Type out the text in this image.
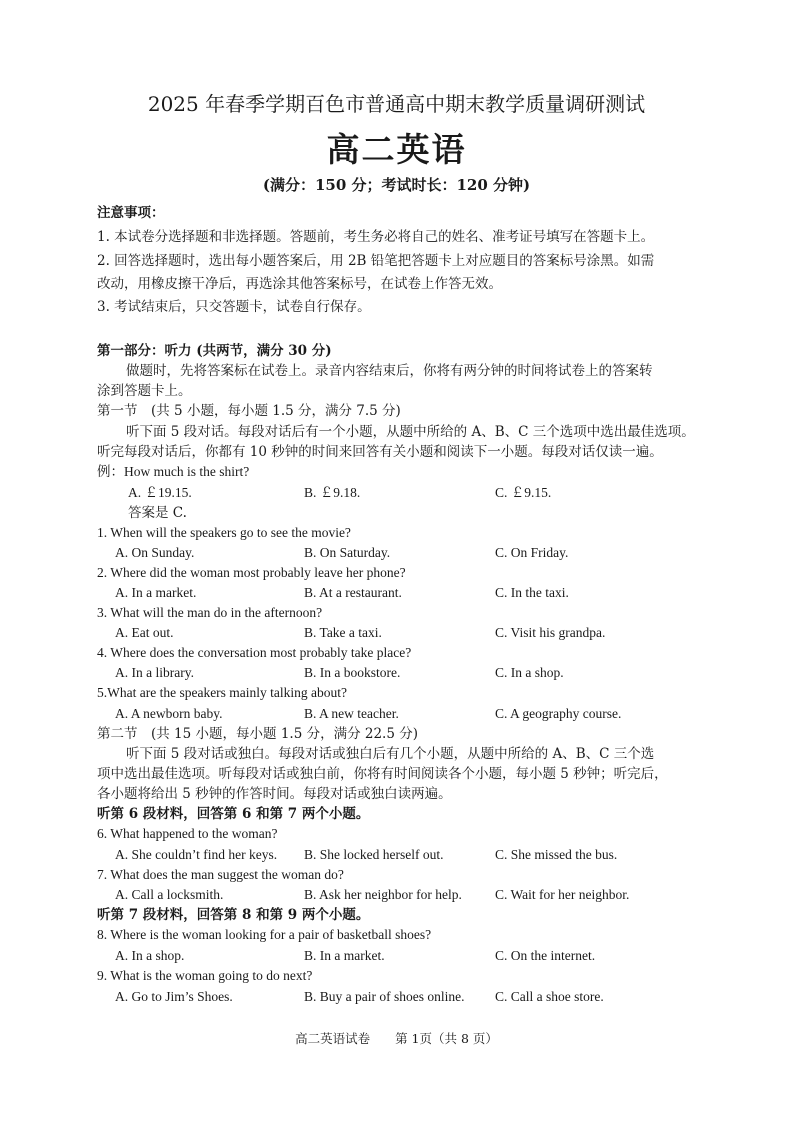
2025 年春季学期百色市普通高中期末教学质量调研测试
高二英语
(满分：150 分；考试时长：120 分钟)
注意事项：
1. 本试卷分选择题和非选择题。答题前，考生务必将自己的姓名、准考证号填写在答题卡上。
2. 回答选择题时，选出每小题答案后，用 2B 铅笔把答题卡上对应题目的答案标号涂黑。如需
改动，用橡皮擦干净后，再选涂其他答案标号，在试卷上作答无效。
3. 考试结束后，只交答题卡，试卷自行保存。
第一部分：听力 (共两节，满分 30 分)
做题时，先将答案标在试卷上。录音内容结束后，你将有两分钟的时间将试卷上的答案转
涂到答题卡上。
第一节　(共 5 小题，每小题 1.5 分，满分 7.5 分)
听下面 5 段对话。每段对话后有一个小题，从题中所给的 A、B、C 三个选项中选出最佳选项。
听完每段对话后，你都有 10 秒钟的时间来回答有关小题和阅读下一小题。每段对话仅读一遍。
例：How much is the shirt?
A. ￡19.15.	B. ￡9.18.	C. ￡9.15.
答案是 C.
1. When will the speakers go to see the movie?
A. On Sunday.	B. On Saturday.	C. On Friday.
2. Where did the woman most probably leave her phone?
A. In a market.	B. At a restaurant.	C. In the taxi.
3. What will the man do in the afternoon?
A. Eat out.	B. Take a taxi.	C. Visit his grandpa.
4. Where does the conversation most probably take place?
A. In a library.	B. In a bookstore.	C. In a shop.
5.What are the speakers mainly talking about?
A. A newborn baby.	B. A new teacher.	C. A geography course.
第二节　(共 15 小题，每小题 1.5 分，满分 22.5 分)
听下面 5 段对话或独白。每段对话或独白后有几个小题，从题中所给的 A、B、C 三个选
项中选出最佳选项。听每段对话或独白前，你将有时间阅读各个小题，每小题 5 秒钟；听完后，
各小题将给出 5 秒钟的作答时间。每段对话或独白读两遍。
听第 6 段材料，回答第 6 和第 7 两个小题。
6. What happened to the woman?
A. She couldn’t find her keys. B. She locked herself out.	C. She missed the bus.
7. What does the man suggest the woman do?
A. Call a locksmith.	B. Ask her neighbor for help. C. Wait for her neighbor.
听第 7 段材料，回答第 8 和第 9 两个小题。
8. Where is the woman looking for a pair of basketball shoes?
A. In a shop.	B. In a market.	C. On the internet.
9. What is the woman going to do next?
A. Go to Jim’s Shoes.	B. Buy a pair of shoes online. C. Call a shoe store.
高二英语试卷　　第 1页（共 8 页）
